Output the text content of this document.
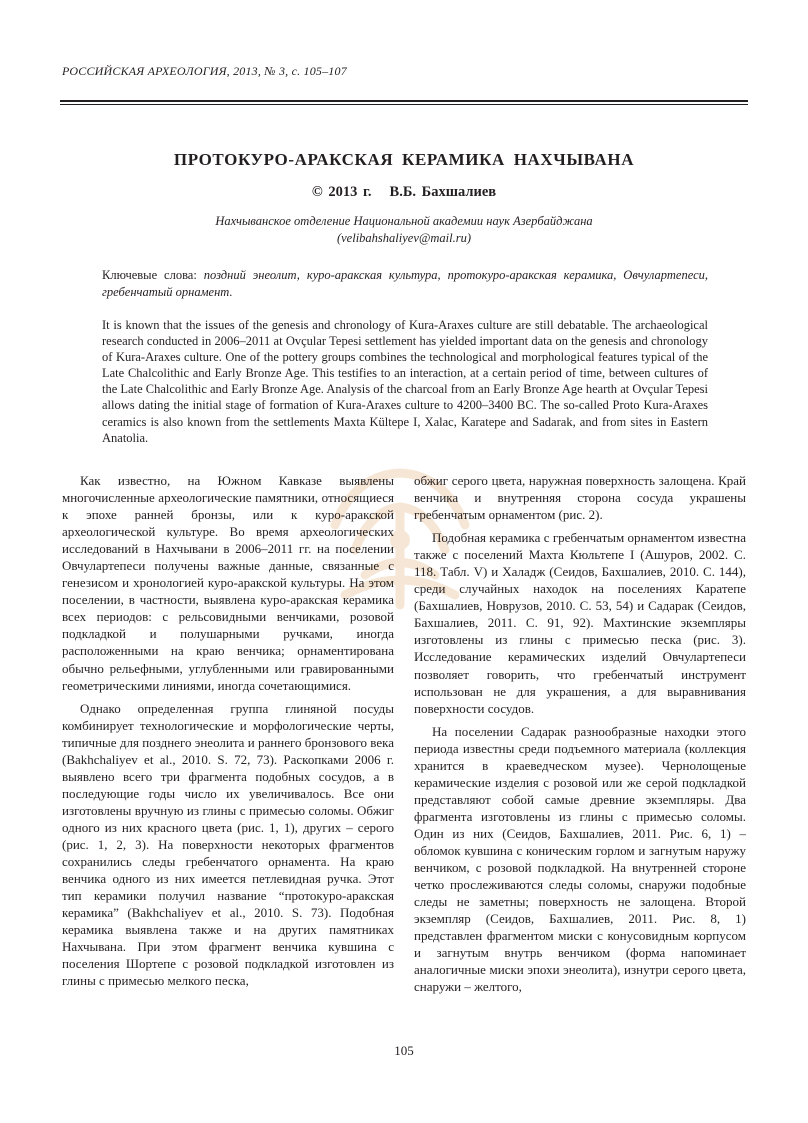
РОССИЙСКАЯ АРХЕОЛОГИЯ, 2013, № 3, с. 105–107
ПРОТОКУРО-АРАКСКАЯ КЕРАМИКА НАХЧЫВАНА
© 2013 г. В.Б. Бахшалиев
Нахчыванское отделение Национальной академии наук Азербайджана
(velibahshaliyev@mail.ru)
Ключевые слова: поздний энеолит, куро-аракская культура, протокуро-аракская керамика, Овчулартепеси, гребенчатый орнамент.
It is known that the issues of the genesis and chronology of Kura-Araxes culture are still debatable. The archaeological research conducted in 2006–2011 at Ovçular Tepesi settlement has yielded important data on the genesis and chronology of Kura-Araxes culture. One of the pottery groups combines the technological and morphological features typical of the Late Chalcolithic and Early Bronze Age. This testifies to an interaction, at a certain period of time, between cultures of the Late Chalcolithic and Early Bronze Age. Analysis of the charcoal from an Early Bronze Age hearth at Ovçular Tepesi allows dating the initial stage of formation of Kura-Araxes culture to 4200–3400 BC. The so-called Proto Kura-Araxes ceramics is also known from the settlements Maxta Kültepe I, Xalac, Karatepe and Sadarak, and from sites in Eastern Anatolia.

Как известно, на Южном Кавказе выявлены многочисленные археологические памятники, относящиеся к эпохе ранней бронзы, или к куро-аракской археологической культуре. Во время археологических исследований в Нахчывани в 2006–2011 гг. на поселении Овчулартепеси получены важные данные, связанные с генезисом и хронологией куро-аракской культуры. На этом поселении, в частности, выявлена куро-аракская керамика всех периодов: с рельсовидными венчиками, розовой подкладкой и полушарными ручками, иногда расположенными на краю венчика; орнаментирована обычно рельефными, углубленными или гравированными геометрическими линиями, иногда сочетающимися.

Однако определенная группа глиняной посуды комбинирует технологические и морфологические черты, типичные для позднего энеолита и раннего бронзового века (Bakhchaliyev et al., 2010. S. 72, 73). Раскопками 2006 г. выявлено всего три фрагмента подобных сосудов, а в последующие годы число их увеличивалось. Все они изготовлены вручную из глины с примесью соломы. Обжиг одного из них красного цвета (рис. 1, 1), других – серого (рис. 1, 2, 3). На поверхности некоторых фрагментов сохранились следы гребенчатого орнамента. На краю венчика одного из них имеется петлевидная ручка. Этот тип керамики получил название “протокуро-аракская керамика” (Bakhchaliyev et al., 2010. S. 73). Подобная керамика выявлена также и на других памятниках Нахчывана. При этом фрагмент венчика кувшина с поселения Шортепе с розовой подкладкой изготовлен из глины с примесью мелкого песка,

обжиг серого цвета, наружная поверхность залощена. Край венчика и внутренняя сторона сосуда украшены гребенчатым орнаментом (рис. 2).

Подобная керамика с гребенчатым орнаментом известна также с поселений Махта Кюльтепе I (Ашуров, 2002. С. 118. Табл. V) и Халадж (Сеидов, Бахшалиев, 2010. С. 144), среди случайных находок на поселениях Каратепе (Бахшалиев, Новрузов, 2010. С. 53, 54) и Садарак (Сеидов, Бахшалиев, 2011. С. 91, 92). Махтинские экземпляры изготовлены из глины с примесью песка (рис. 3). Исследование керамических изделий Овчулартепеси позволяет говорить, что гребенчатый инструмент использован не для украшения, а для выравнивания поверхности сосудов.

На поселении Садарак разнообразные находки этого периода известны среди подъемного материала (коллекция хранится в краеведческом музее). Чернолощеные керамические изделия с розовой или же серой подкладкой представляют собой самые древние экземпляры. Два фрагмента изготовлены из глины с примесью соломы. Один из них (Сеидов, Бахшалиев, 2011. Рис. 6, 1) – обломок кувшина с коническим горлом и загнутым наружу венчиком, с розовой подкладкой. На внутренней стороне четко прослеживаются следы соломы, снаружи подобные следы не заметны; поверхность не залощена. Второй экземпляр (Сеидов, Бахшалиев, 2011. Рис. 8, 1) представлен фрагментом миски с конусовидным корпусом и загнутым внутрь венчиком (форма напоминает аналогичные миски эпохи энеолита), изнутри серого цвета, снаружи – желтого,

105
